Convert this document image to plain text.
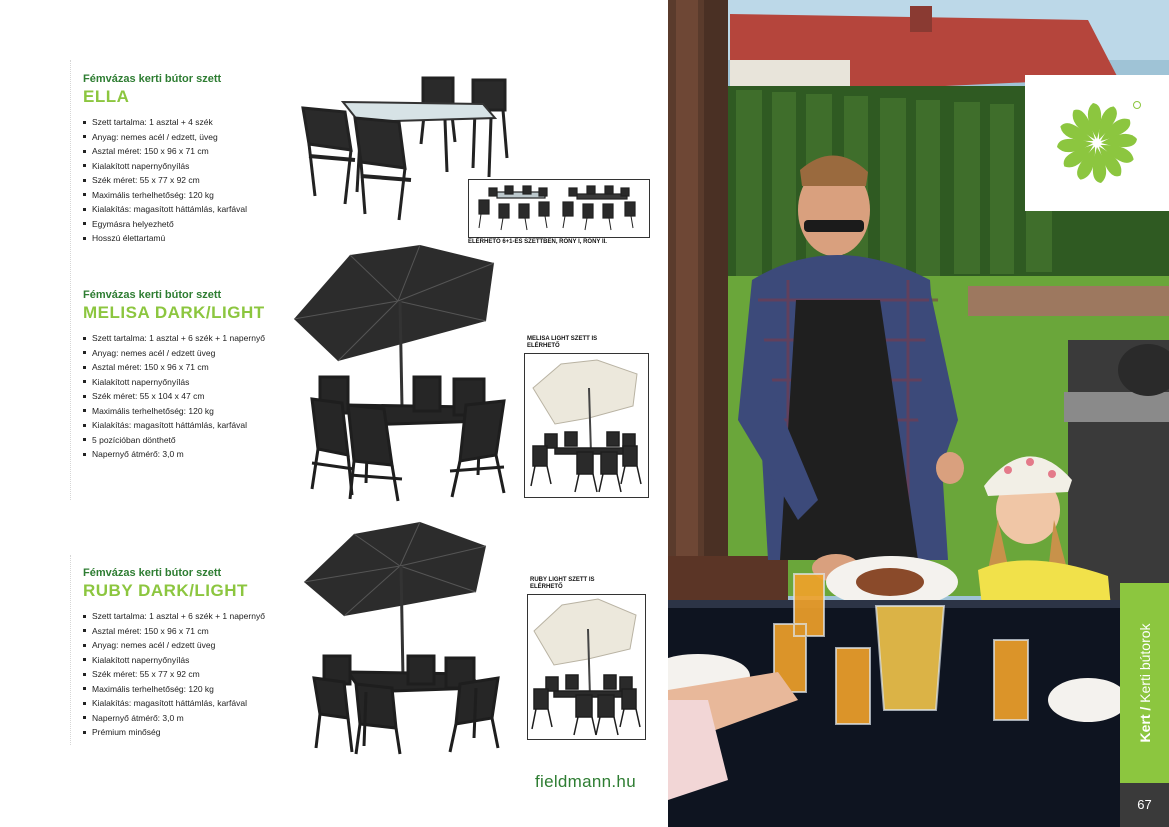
Fémvázas kerti bútor szett

ELLA

Szett tartalma: 1 asztal + 4 szék
Anyag: nemes acél / edzett, üveg
Asztal méret: 150 x 96 x 71 cm
Kialakított napernyőnyílás
Szék méret: 55 x 77 x 92 cm
Maximális terhelhetőség: 120 kg
Kialakítás: magasított háttámlás, karfával
Egymásra helyezhető
Hosszú élettartamú	ELÉRHETŐ 6+1-ES SZETTBEN, RONY I, RONY II.

Fémvázas kerti bútor szett

MELISA DARK/LIGHT

Szett tartalma: 1 asztal + 6 szék + 1 napernyő
Anyag: nemes acél / edzett üveg
Asztal méret: 150 x 96 x 71 cm
Kialakított napernyőnyílás
Szék méret: 55 x 104 x 47 cm
Maximális terhelhetőség: 120 kg
Kialakítás: magasított háttámlás, karfával
5 pozícióban dönthető
Napernyő átmérő: 3,0 m
MELISA LIGHT SZETT IS
ELÉRHETŐ

Fémvázas kerti bútor szett

RUBY DARK/LIGHT

Szett tartalma: 1 asztal + 6 szék + 1 napernyő
Asztal méret: 150 x 96 x 71 cm
Anyag: nemes acél / edzett üveg
Kialakított napernyőnyílás
Szék méret: 55 x 77 x 92 cm
Maximális terhelhetőség: 120 kg
Kialakítás: magasított háttámlás, karfával
Napernyő átmérő: 3,0 m
Prémium minőség
RUBY LIGHT SZETT IS
ELÉRHETŐ
fieldmann.hu
Kert / Kerti bútorok
67
